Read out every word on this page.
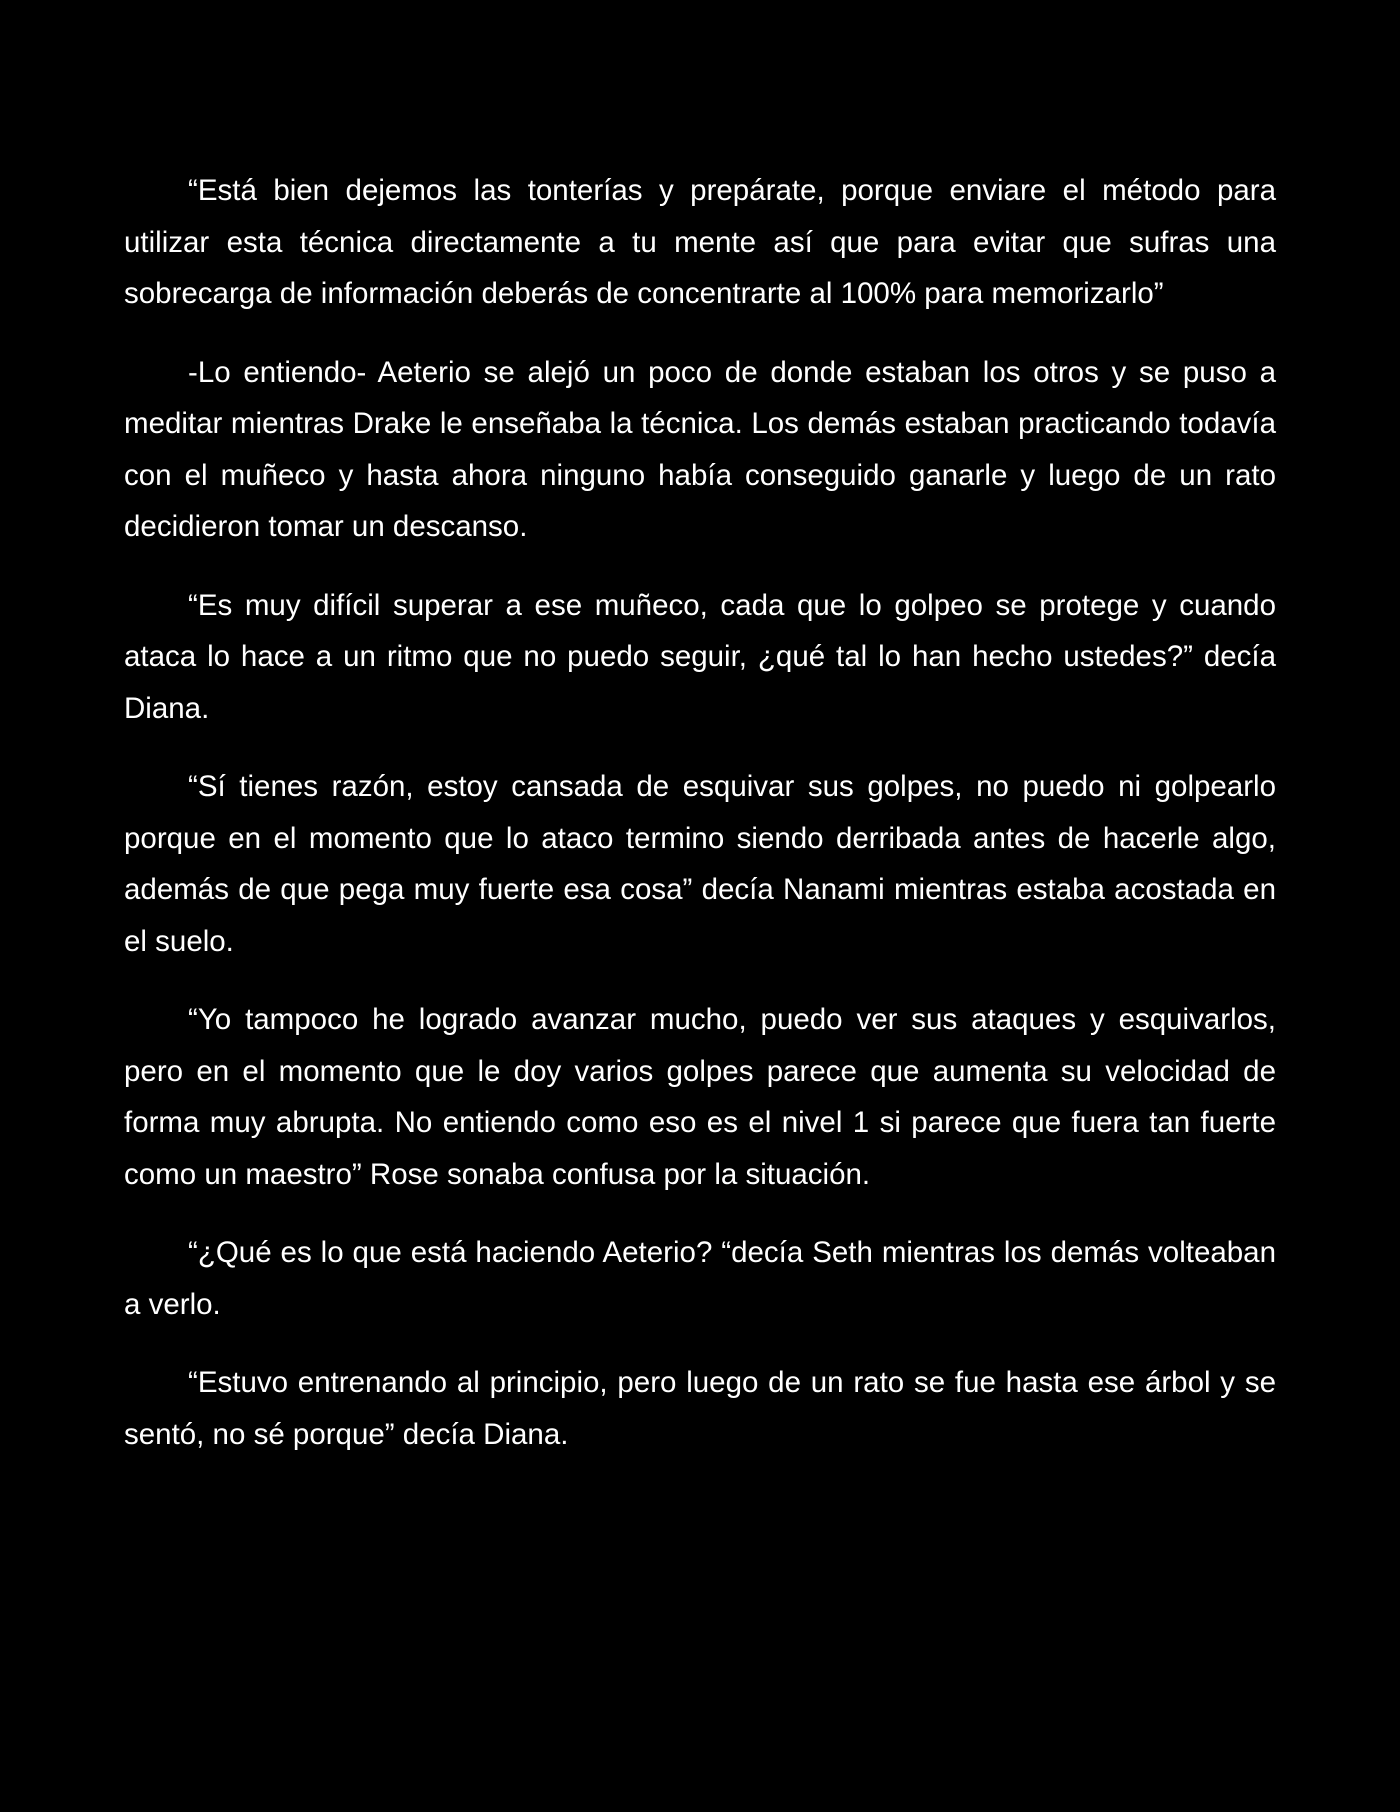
“Está bien dejemos las tonterías y prepárate, porque enviare el método para utilizar esta técnica directamente a tu mente así que para evitar que sufras una sobrecarga de información deberás de concentrarte al 100% para memorizarlo”

-Lo entiendo- Aeterio se alejó un poco de donde estaban los otros y se puso a meditar mientras Drake le enseñaba la técnica. Los demás estaban practicando todavía con el muñeco y hasta ahora ninguno había conseguido ganarle y luego de un rato decidieron tomar un descanso.

“Es muy difícil superar a ese muñeco, cada que lo golpeo se protege y cuando ataca lo hace a un ritmo que no puedo seguir, ¿qué tal lo han hecho ustedes?” decía Diana.

“Sí tienes razón, estoy cansada de esquivar sus golpes, no puedo ni golpearlo porque en el momento que lo ataco termino siendo derribada antes de hacerle algo, además de que pega muy fuerte esa cosa” decía Nanami mientras estaba acostada en el suelo.

“Yo tampoco he logrado avanzar mucho, puedo ver sus ataques y esquivarlos, pero en el momento que le doy varios golpes parece que aumenta su velocidad de forma muy abrupta. No entiendo como eso es el nivel 1 si parece que fuera tan fuerte como un maestro” Rose sonaba confusa por la situación.

“¿Qué es lo que está haciendo Aeterio? “decía Seth mientras los demás volteaban a verlo.

“Estuvo entrenando al principio, pero luego de un rato se fue hasta ese árbol y se sentó, no sé porque” decía Diana.
